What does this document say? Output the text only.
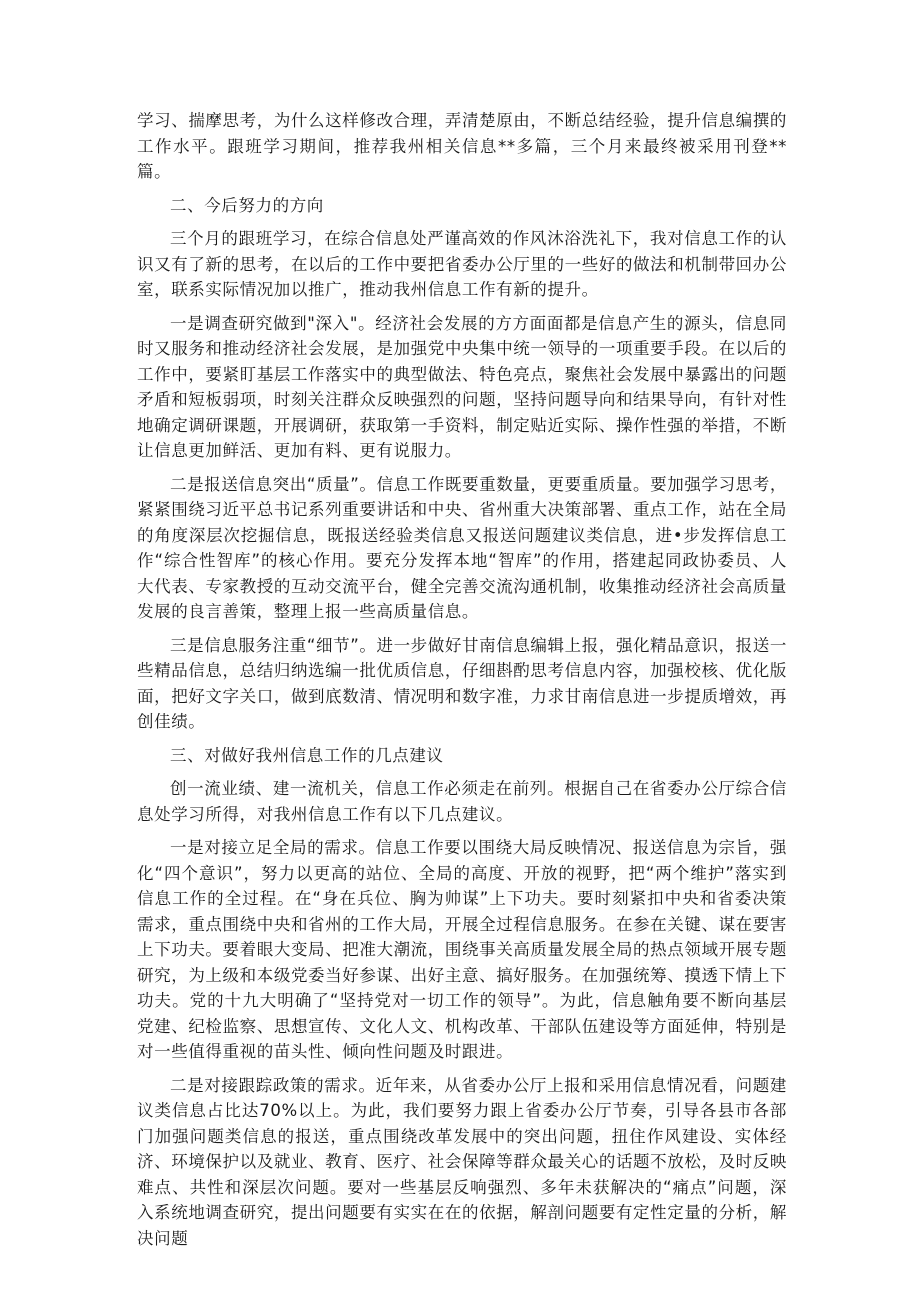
学习、揣摩思考，为什么这样修改合理，弄清楚原由，不断总结经验，提升信息编撰的工作水平。跟班学习期间，推荐我州相关信息**多篇，三个月来最终被采用刊登**篇。

二、今后努力的方向

三个月的跟班学习，在综合信息处严谨高效的作风沐浴洗礼下，我对信息工作的认识又有了新的思考，在以后的工作中要把省委办公厅里的一些好的做法和机制带回办公室，联系实际情况加以推广，推动我州信息工作有新的提升。

一是调查研究做到"深入"。经济社会发展的方方面面都是信息产生的源头，信息同时又服务和推动经济社会发展，是加强党中央集中统一领导的一项重要手段。在以后的工作中，要紧盯基层工作落实中的典型做法、特色亮点，聚焦社会发展中暴露出的问题矛盾和短板弱项，时刻关注群众反映强烈的问题，坚持问题导向和结果导向，有针对性地确定调研课题，开展调研，获取第一手资料，制定贴近实际、操作性强的举措，不断让信息更加鲜活、更加有料、更有说服力。

二是报送信息突出“质量”。信息工作既要重数量，更要重质量。要加强学习思考，紧紧围绕习近平总书记系列重要讲话和中央、省州重大决策部署、重点工作，站在全局的角度深层次挖掘信息，既报送经验类信息又报送问题建议类信息，进•步发挥信息工作“综合性智库”的核心作用。要充分发挥本地“智库”的作用，搭建起同政协委员、人大代表、专家教授的互动交流平台，健全完善交流沟通机制，收集推动经济社会高质量发展的良言善策，整理上报一些高质量信息。

三是信息服务注重“细节”。进一步做好甘南信息编辑上报，强化精品意识，报送一些精品信息，总结归纳选编一批优质信息，仔细斟酌思考信息内容，加强校核、优化版面，把好文字关口，做到底数清、情况明和数字准，力求甘南信息进一步提质增效，再创佳绩。

三、对做好我州信息工作的几点建议

创一流业绩、建一流机关，信息工作必须走在前列。根据自己在省委办公厅综合信息处学习所得，对我州信息工作有以下几点建议。

一是对接立足全局的需求。信息工作要以围绕大局反映情况、报送信息为宗旨，强化“四个意识”，努力以更高的站位、全局的高度、开放的视野，把“两个维护”落实到信息工作的全过程。在“身在兵位、胸为帅谋”上下功夫。要时刻紧扣中央和省委决策需求，重点围绕中央和省州的工作大局，开展全过程信息服务。在参在关键、谋在要害上下功夫。要着眼大变局、把准大潮流，围绕事关高质量发展全局的热点领域开展专题研究，为上级和本级党委当好参谋、出好主意、搞好服务。在加强统筹、摸透下情上下功夫。党的十九大明确了“坚持党对一切工作的领导”。为此，信息触角要不断向基层党建、纪检监察、思想宣传、文化人文、机构改革、干部队伍建设等方面延伸，特别是对一些值得重视的苗头性、倾向性问题及时跟进。

二是对接跟踪政策的需求。近年来，从省委办公厅上报和采用信息情况看，问题建议类信息占比达70%以上。为此，我们要努力跟上省委办公厅节奏，引导各县市各部门加强问题类信息的报送，重点围绕改革发展中的突出问题，扭住作风建设、实体经济、环境保护以及就业、教育、医疗、社会保障等群众最关心的话题不放松，及时反映难点、共性和深层次问题。要对一些基层反响强烈、多年未获解决的“痛点”问题，深入系统地调查研究，提出问题要有实实在在的依据，解剖问题要有定性定量的分析，解决问题
